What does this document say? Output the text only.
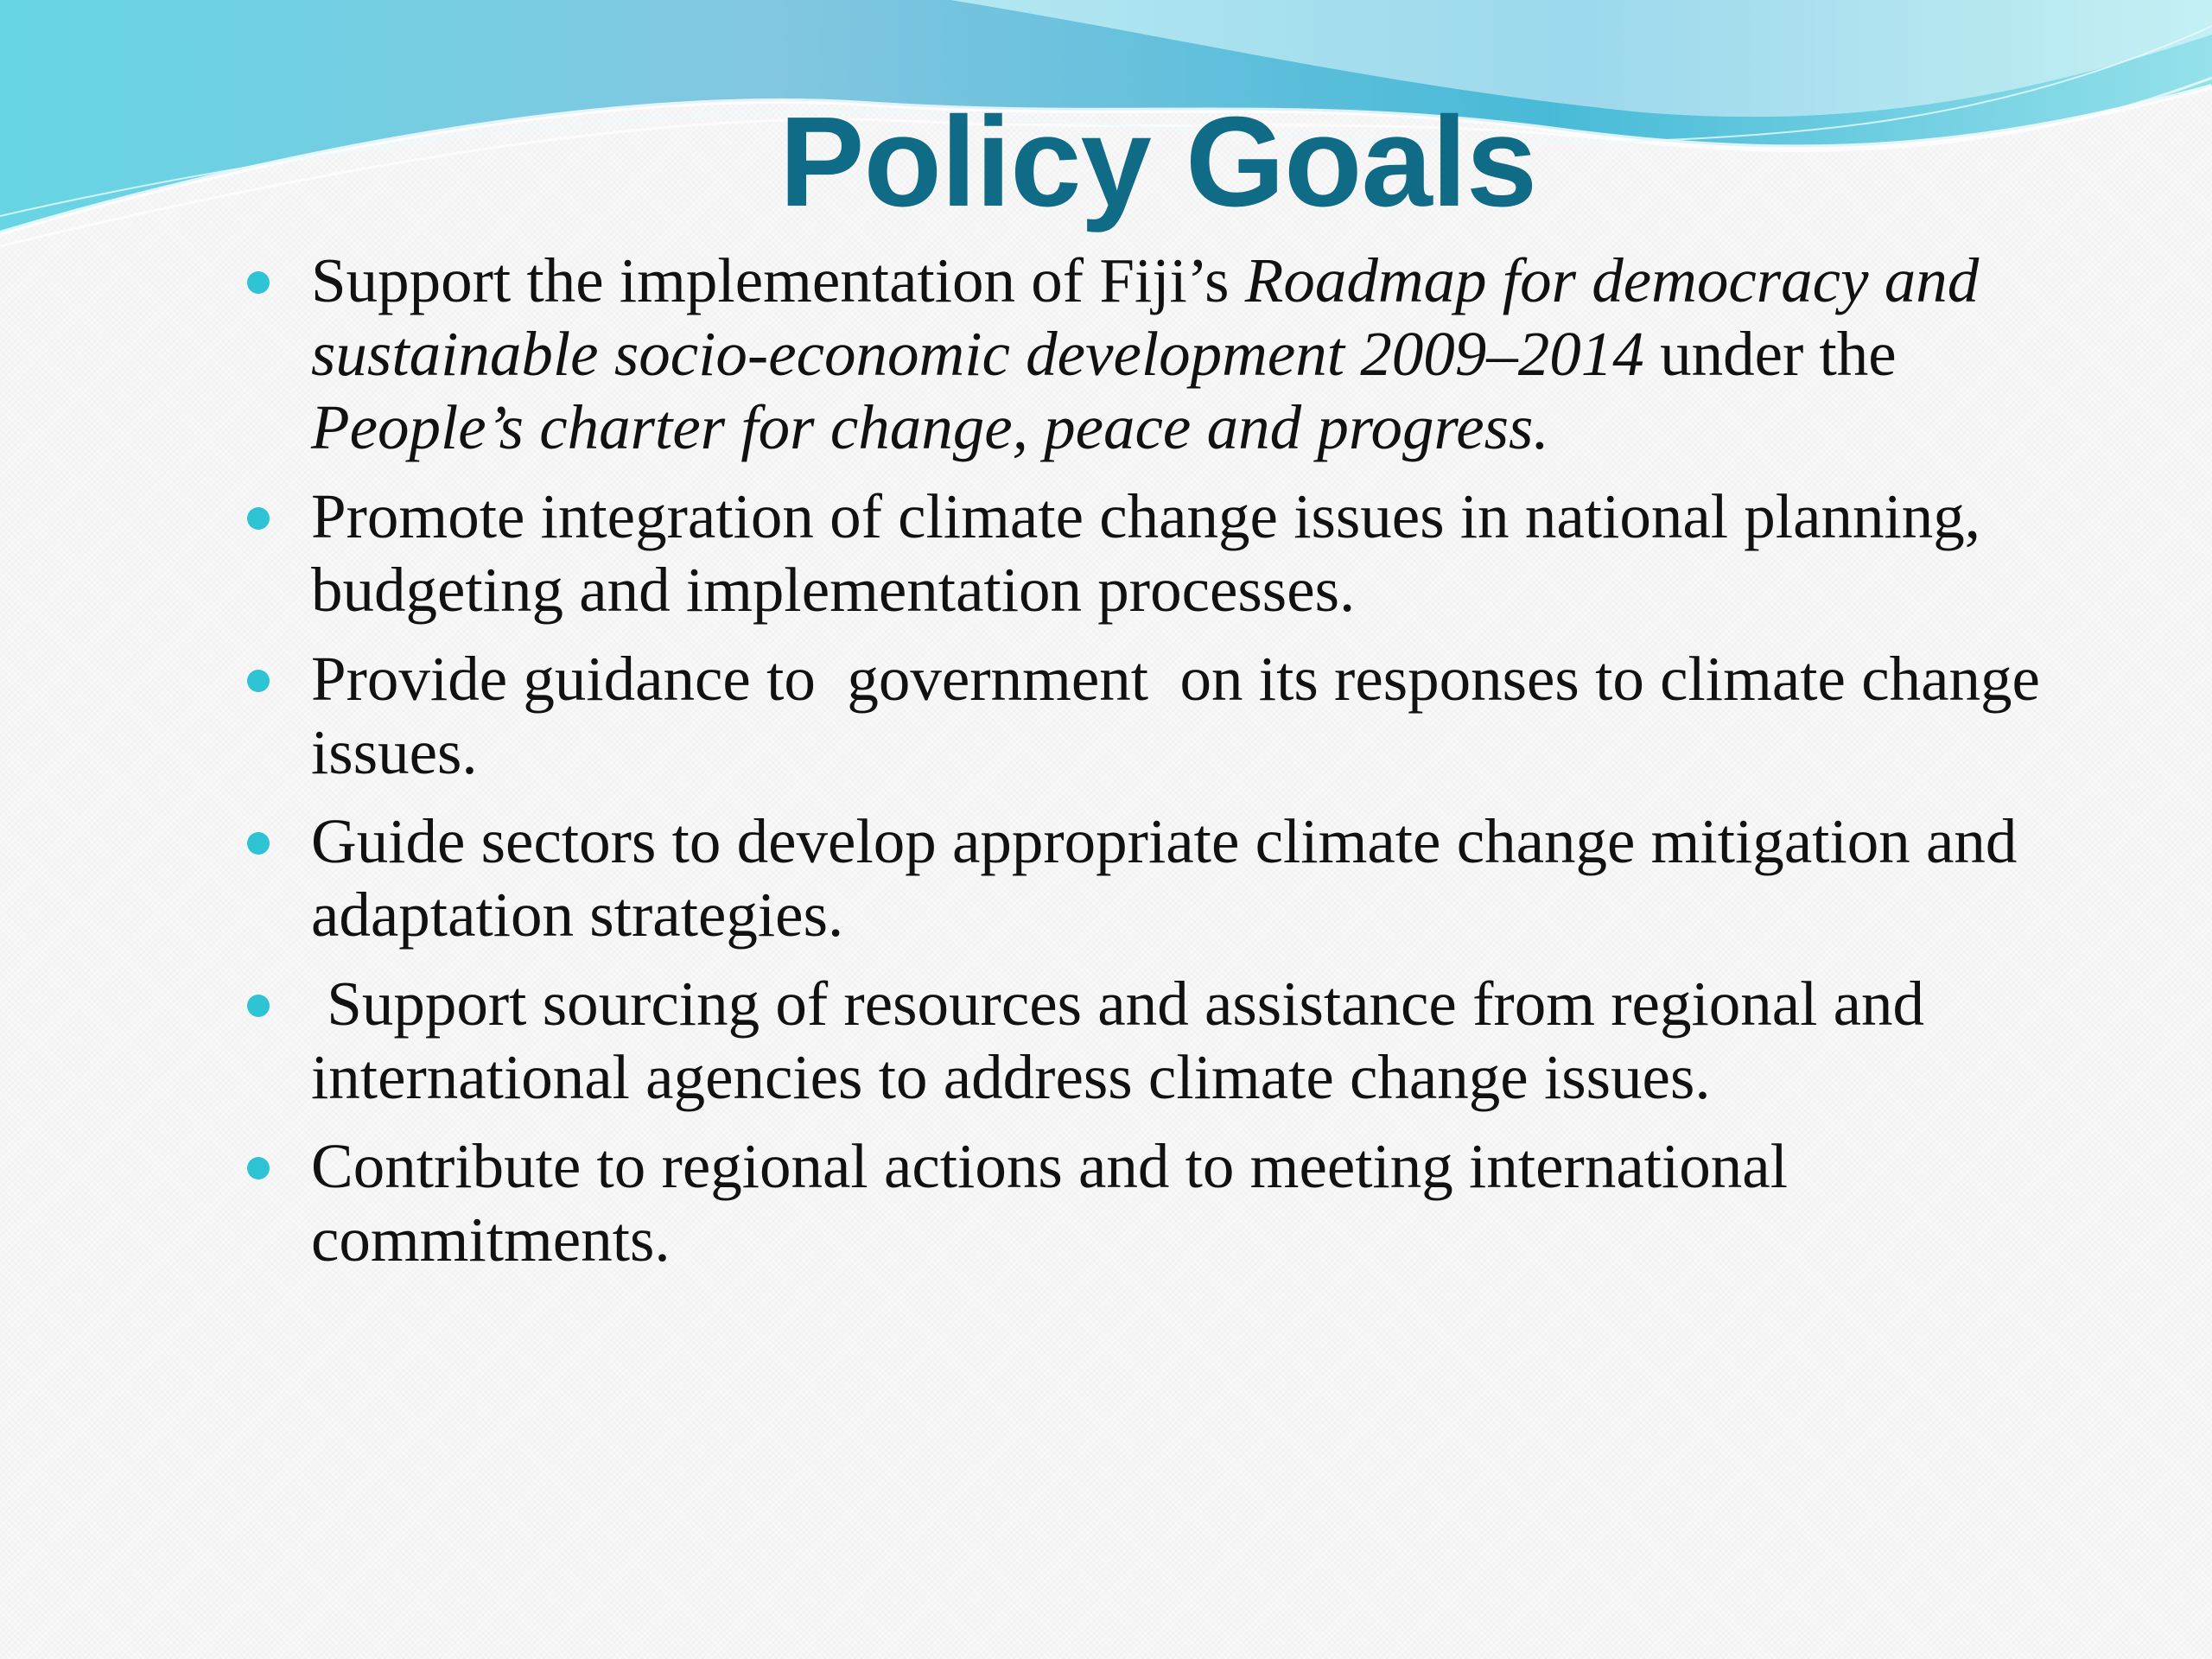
Policy Goals
Support the implementation of Fiji’s Roadmap for democracy and sustainable socio-economic development 2009–2014 under the People’s charter for change, peace and progress.
Promote integration of climate change issues in national planning, budgeting and implementation processes.
Provide guidance to  government  on its responses to climate change issues.
Guide sectors to develop appropriate climate change mitigation and adaptation strategies.
Support sourcing of resources and assistance from regional and international agencies to address climate change issues.
Contribute to regional actions and to meeting international commitments.
